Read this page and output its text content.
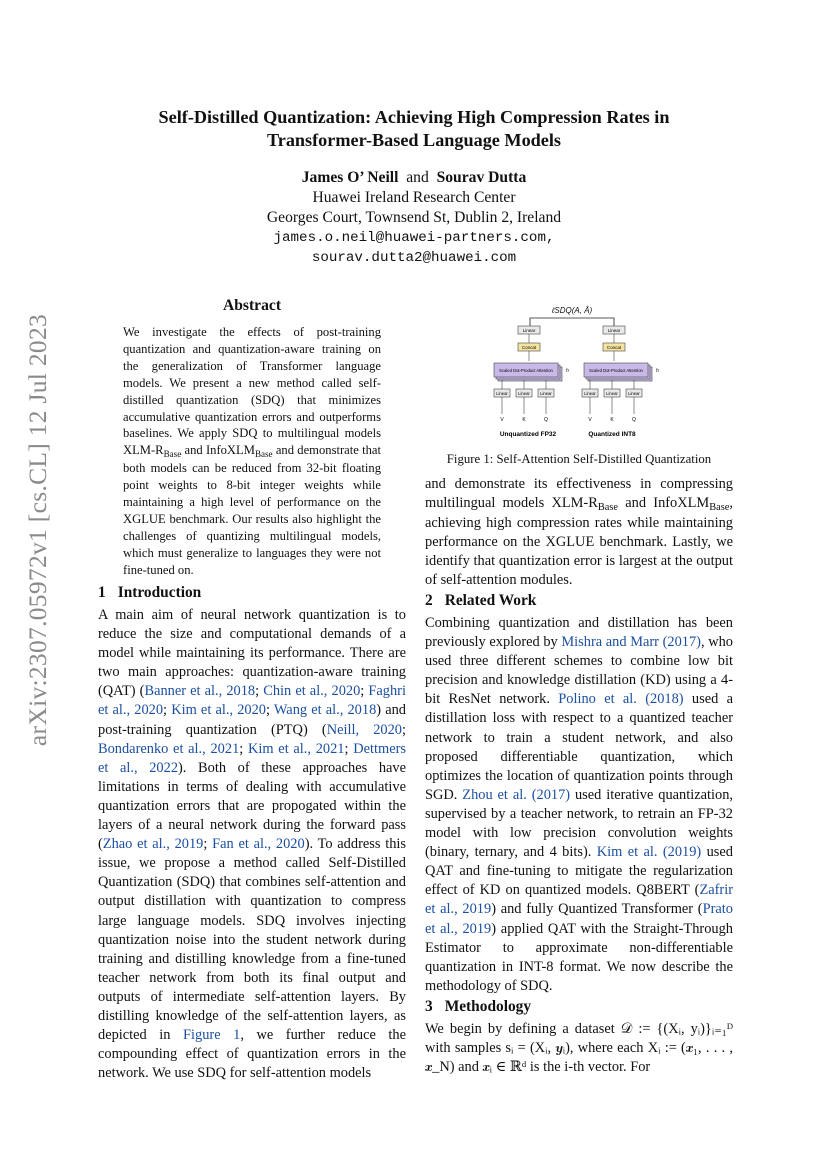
arXiv:2307.05972v1 [cs.CL] 12 Jul 2023
Self-Distilled Quantization: Achieving High Compression Rates in
Transformer-Based Language Models
James O’ Neill and Sourav Dutta
Huawei Ireland Research Center
Georges Court, Townsend St, Dublin 2, Ireland
james.o.neil@huawei-partners.com,
sourav.dutta2@huawei.com
Abstract
We investigate the effects of post-training quantization and quantization-aware training on the generalization of Transformer language models. We present a new method called self-distilled quantization (SDQ) that minimizes accumulative quantization errors and outperforms baselines. We apply SDQ to multilingual models XLM-RBase and InfoXLMBase and demonstrate that both models can be reduced from 32-bit floating point weights to 8-bit integer weights while maintaining a high level of performance on the XGLUE benchmark. Our results also highlight the challenges of quantizing multilingual models, which must generalize to languages they were not fine-tuned on.
ℓSDQ(A, Â)
Linear
Concat
Scaled Dot-Product Attention	h
Linear Linear Linear
V	K	Q
Unquantized FP32
Linear
Concat
Scaled Dot-Product Attention	h
Linear Linear Linear
V	K	Q
Quantized INT8
Figure 1: Self-Attention Self-Distilled Quantization
1 Introduction
A main aim of neural network quantization is to reduce the size and computational demands of a model while maintaining its performance. There are two main approaches: quantization-aware training (QAT) (Banner et al., 2018; Chin et al., 2020; Faghri et al., 2020; Kim et al., 2020; Wang et al., 2018) and post-training quantization (PTQ) (Neill, 2020; Bondarenko et al., 2021; Kim et al., 2021; Dettmers et al., 2022). Both of these approaches have limitations in terms of dealing with accumulative quantization errors that are propogated within the layers of a neural network during the forward pass (Zhao et al., 2019; Fan et al., 2020). To address this issue, we propose a method called Self-Distilled Quantization (SDQ) that combines self-attention and output distillation with quantization to compress large language models. SDQ involves injecting quantization noise into the student network during training and distilling knowledge from a fine-tuned teacher network from both its final output and outputs of intermediate self-attention layers. By distilling knowledge of the self-attention layers, as depicted in Figure 1, we further reduce the compounding effect of quantization errors in the network. We use SDQ for self-attention models
and demonstrate its effectiveness in compressing multilingual models XLM-RBase and InfoXLMBase, achieving high compression rates while maintaining performance on the XGLUE benchmark. Lastly, we identify that quantization error is largest at the output of self-attention modules.
2 Related Work
Combining quantization and distillation has been previously explored by Mishra and Marr (2017), who used three different schemes to combine low bit precision and knowledge distillation (KD) using a 4-bit ResNet network. Polino et al. (2018) used a distillation loss with respect to a quantized teacher network to train a student network, and also proposed differentiable quantization, which optimizes the location of quantization points through SGD. Zhou et al. (2017) used iterative quantization, supervised by a teacher network, to retrain an FP-32 model with low precision convolution weights (binary, ternary, and 4 bits). Kim et al. (2019) used QAT and fine-tuning to mitigate the regularization effect of KD on quantized models. Q8BERT (Zafrir et al., 2019) and fully Quantized Transformer (Prato et al., 2019) applied QAT with the Straight-Through Estimator to approximate non-differentiable quantization in INT-8 format. We now describe the methodology of SDQ.
3 Methodology
We begin by defining a dataset 𝒟 := {(Xᵢ, yᵢ)}ᵢ₌₁ᴰ with samples sᵢ = (Xᵢ, 𝒚ᵢ), where each Xᵢ := (𝒙₁, . . . , 𝒙_N) and 𝒙ᵢ ∈ ℝᵈ is the i-th vector. For
